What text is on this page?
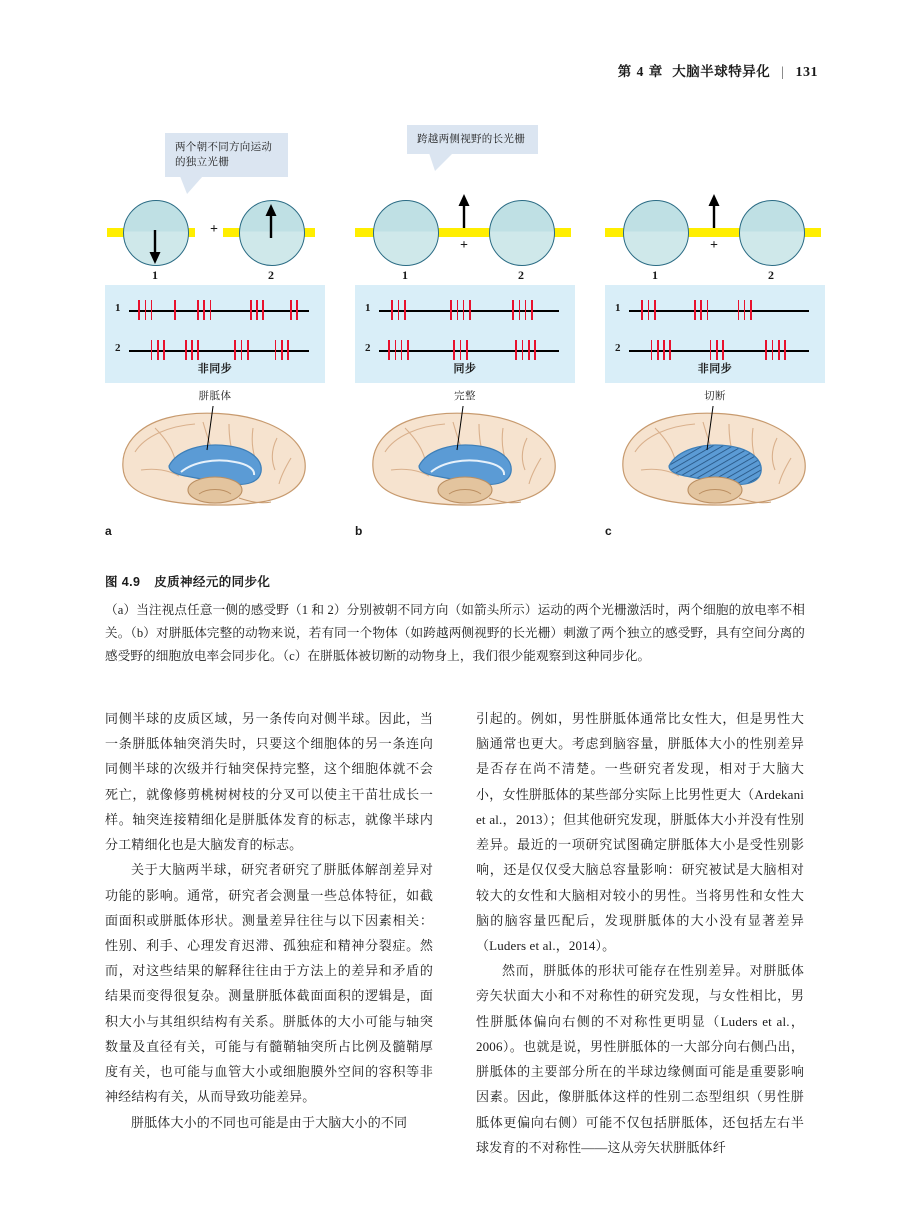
第 4 章 大脑半球特异化 | 131
两个朝不同方向运动的独立光栅
+
1	2
1
2
非同步
胼胝体
a
跨越两侧视野的长光栅
+
1	2
1
2
同步
完整
b
+
1	2
1
2
非同步
切断
c
图 4.9 皮质神经元的同步化
（a）当注视点任意一侧的感受野（1 和 2）分别被朝不同方向（如箭头所示）运动的两个光栅激活时，两个细胞的放电率不相关。（b）对胼胝体完整的动物来说，若有同一个物体（如跨越两侧视野的长光栅）刺激了两个独立的感受野，具有空间分离的感受野的细胞放电率会同步化。（c）在胼胝体被切断的动物身上，我们很少能观察到这种同步化。

同侧半球的皮质区域，另一条传向对侧半球。因此，当一条胼胝体轴突消失时，只要这个细胞体的另一条连向同侧半球的次级并行轴突保持完整，这个细胞体就不会死亡，就像修剪桃树树枝的分叉可以使主干苗壮成长一样。轴突连接精细化是胼胝体发育的标志，就像半球内分工精细化也是大脑发育的标志。

关于大脑两半球，研究者研究了胼胝体解剖差异对功能的影响。通常，研究者会测量一些总体特征，如截面面积或胼胝体形状。测量差异往往与以下因素相关：性别、利手、心理发育迟滞、孤独症和精神分裂症。然而，对这些结果的解释往往由于方法上的差异和矛盾的结果而变得很复杂。测量胼胝体截面面积的逻辑是，面积大小与其组织结构有关系。胼胝体的大小可能与轴突数量及直径有关，可能与有髓鞘轴突所占比例及髓鞘厚度有关，也可能与血管大小或细胞膜外空间的容积等非神经结构有关，从而导致功能差异。

胼胝体大小的不同也可能是由于大脑大小的不同

引起的。例如，男性胼胝体通常比女性大，但是男性大脑通常也更大。考虑到脑容量，胼胝体大小的性别差异是否存在尚不清楚。一些研究者发现，相对于大脑大小，女性胼胝体的某些部分实际上比男性更大（Ardekani et al.，2013）；但其他研究发现，胼胝体大小并没有性别差异。最近的一项研究试图确定胼胝体大小是受性别影响，还是仅仅受大脑总容量影响：研究被试是大脑相对较大的女性和大脑相对较小的男性。当将男性和女性大脑的脑容量匹配后，发现胼胝体的大小没有显著差异（Luders et al.，2014）。

然而，胼胝体的形状可能存在性别差异。对胼胝体旁矢状面大小和不对称性的研究发现，与女性相比，男性胼胝体偏向右侧的不对称性更明显（Luders et al.，2006）。也就是说，男性胼胝体的一大部分向右侧凸出，胼胝体的主要部分所在的半球边缘侧面可能是重要影响因素。因此，像胼胝体这样的性别二态型组织（男性胼胝体更偏向右侧）可能不仅包括胼胝体，还包括左右半球发育的不对称性——这从旁矢状胼胝体纤
